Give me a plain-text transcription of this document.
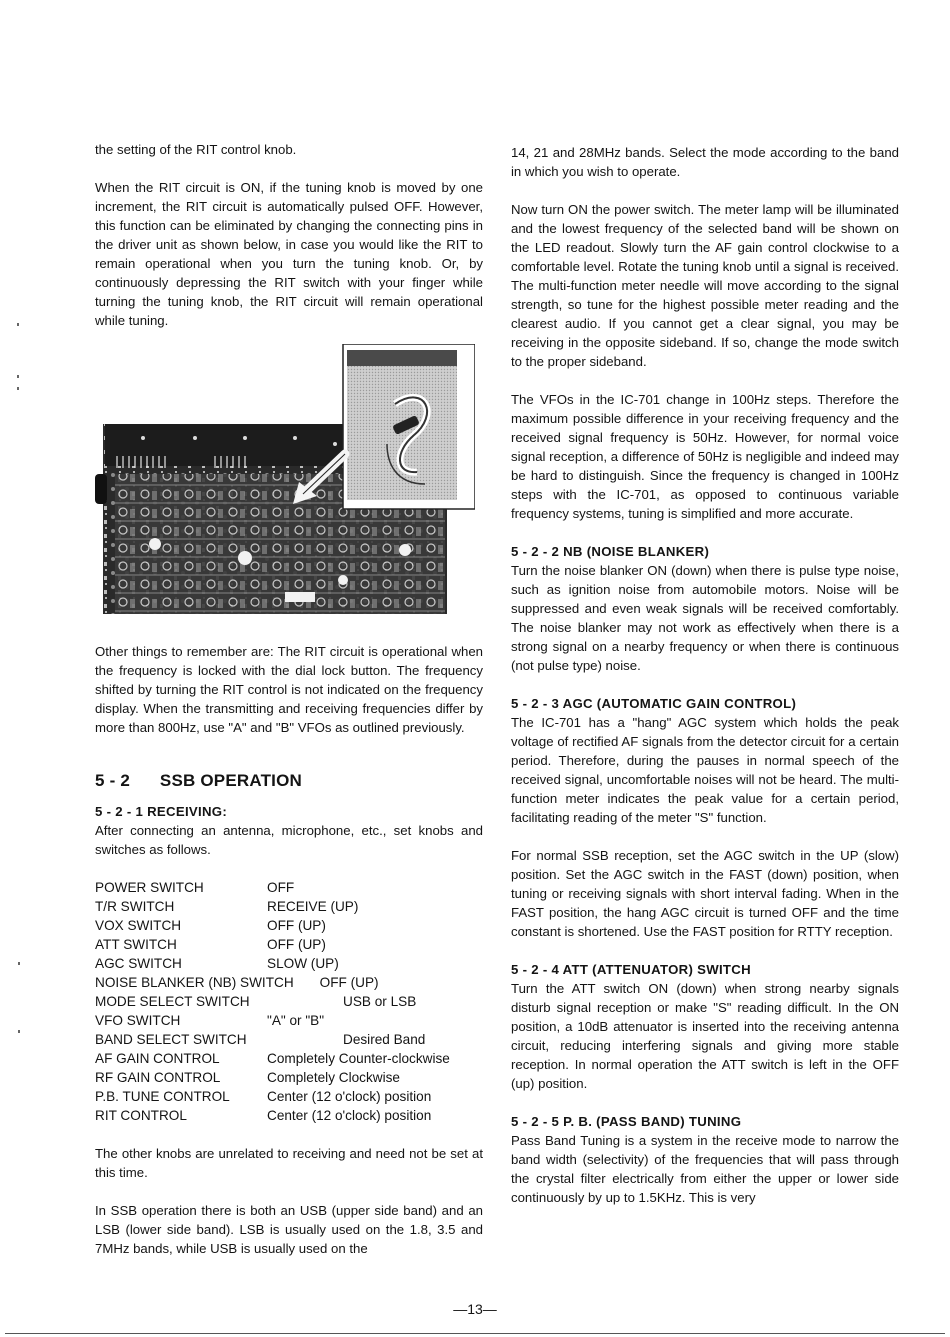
the setting of the RIT control knob.

When the RIT circuit is ON, if the tuning knob is moved by one increment, the RIT circuit is automatically pulsed OFF. However, this function can be eliminated by changing the connecting pins in the driver unit as shown below, in case you would like the RIT to remain operational when you turn the tuning knob. Or, by continuously depressing the RIT switch with your finger while turning the tuning knob, the RIT circuit will remain operational while tuning.

Other things to remember are: The RIT circuit is operational when the frequency is locked with the dial lock button. The frequency shifted by turning the RIT control is not indicated on the frequency display. When the transmitting and receiving frequencies differ by more than 800Hz, use "A" and "B" VFOs as outlined previously.

5 - 2 SSB OPERATION
5 - 2 - 1 RECEIVING:

After connecting an antenna, microphone, etc., set knobs and switches as follows.

POWER SWITCH	OFF
T/R SWITCH	RECEIVE (UP)
VOX SWITCH	OFF (UP)
ATT SWITCH	OFF (UP)
AGC SWITCH	SLOW (UP)
NOISE BLANKER (NB) SWITCH OFF (UP)	
MODE SELECT SWITCH	USB or LSB
VFO SWITCH	"A" or "B"
BAND SELECT SWITCH	Desired Band
AF GAIN CONTROL	Completely Counter-clockwise
RF GAIN CONTROL	Completely Clockwise
P.B. TUNE CONTROL	Center (12 o'clock) position
RIT CONTROL	Center (12 o'clock) position

The other knobs are unrelated to receiving and need not be set at this time.

In SSB operation there is both an USB (upper side band) and an LSB (lower side band). LSB is usually used on the 1.8, 3.5 and 7MHz bands, while USB is usually used on the

14, 21 and 28MHz bands. Select the mode according to the band in which you wish to operate.

Now turn ON the power switch. The meter lamp will be illuminated and the lowest frequency of the selected band will be shown on the LED readout. Slowly turn the AF gain control clockwise to a comfortable level. Rotate the tuning knob until a signal is received. The multi-function meter needle will move according to the signal strength, so tune for the highest possible meter reading and the clearest audio. If you cannot get a clear signal, you may be receiving in the opposite sideband. If so, change the mode switch to the proper sideband.

The VFOs in the IC-701 change in 100Hz steps. Therefore the maximum possible difference in your receiving frequency and the received signal frequency is 50Hz. However, for normal voice signal reception, a difference of 50Hz is negligible and indeed may be hard to distinguish. Since the frequency is changed in 100Hz steps with the IC-701, as opposed to continuous variable frequency systems, tuning is simplified and more accurate.

5 - 2 - 2 NB (NOISE BLANKER)

Turn the noise blanker ON (down) when there is pulse type noise, such as ignition noise from automobile motors. Noise will be suppressed and even weak signals will be received comfortably. The noise blanker may not work as effectively when there is a strong signal on a nearby frequency or when there is continuous (not pulse type) noise.

5 - 2 - 3 AGC (AUTOMATIC GAIN CONTROL)

The IC-701 has a "hang" AGC system which holds the peak voltage of rectified AF signals from the detector circuit for a certain period. Therefore, during the pauses in normal speech of the received signal, uncomfortable noises will not be heard. The multi-function meter indicates the peak value for a certain period, facilitating reading of the meter "S" function.

For normal SSB reception, set the AGC switch in the UP (slow) position. Set the AGC switch in the FAST (down) position, when tuning or receiving signals with short interval fading. When in the FAST position, the hang AGC circuit is turned OFF and the time constant is shortened. Use the FAST position for RTTY reception.

5 - 2 - 4 ATT (ATTENUATOR) SWITCH

Turn the ATT switch ON (down) when strong nearby signals disturb signal reception or make "S" reading difficult. In the ON position, a 10dB attenuator is inserted into the receiving antenna circuit, reducing interfering signals and giving more stable reception. In normal operation the ATT switch is left in the OFF (up) position.

5 - 2 - 5 P. B. (PASS BAND) TUNING

Pass Band Tuning is a system in the receive mode to narrow the band width (selectivity) of the frequencies that will pass through the crystal filter electrically from either the upper or lower side continuously by up to 1.5KHz. This is very

—13—
